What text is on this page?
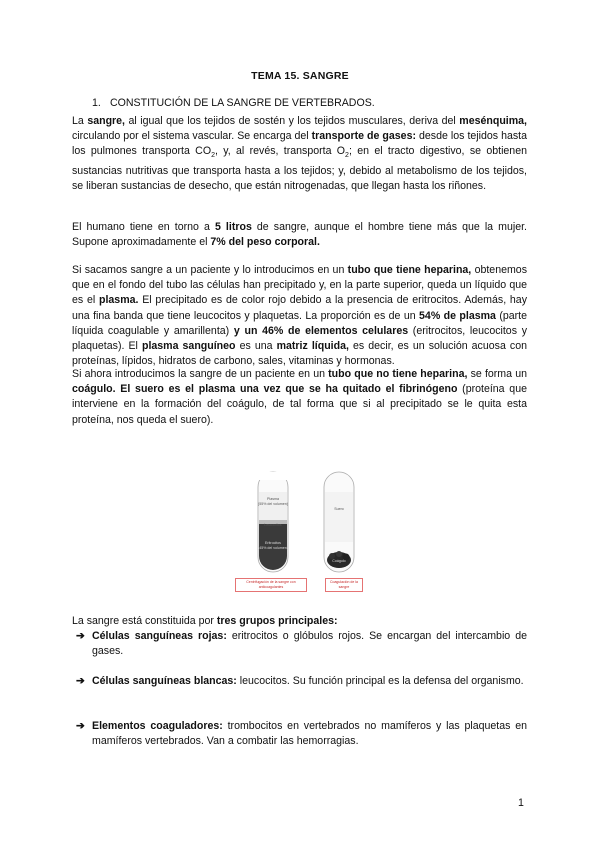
TEMA 15. SANGRE
1. CONSTITUCIÓN DE LA SANGRE DE VERTEBRADOS.
La sangre, al igual que los tejidos de sostén y los tejidos musculares, deriva del mesénquima, circulando por el sistema vascular. Se encarga del transporte de gases: desde los tejidos hasta los pulmones transporta $CO_2$, y, al revés, transporta $O_2$; en el tracto digestivo, se obtienen sustancias nutritivas que transporta hasta a los tejidos; y, debido al metabolismo de los tejidos, se liberan sustancias de desecho, que están nitrogenadas, que llegan hasta los riñones.
El humano tiene en torno a 5 litros de sangre, aunque el hombre tiene más que la mujer. Supone aproximadamente el 7% del peso corporal.
Si sacamos sangre a un paciente y lo introducimos en un tubo que tiene heparina, obtenemos que en el fondo del tubo las células han precipitado y, en la parte superior, queda un líquido que es el plasma. El precipitado es de color rojo debido a la presencia de eritrocitos. Además, hay una fina banda que tiene leucocitos y plaquetas. La proporción es de un 54% de plasma (parte líquida coagulable y amarillenta) y un 46% de elementos celulares (eritrocitos, leucocitos y plaquetas). El plasma sanguíneo es una matriz líquida, es decir, es un solución acuosa con proteínas, lípidos, hidratos de carbono, sales, vitaminas y hormonas.
Si ahora introducimos la sangre de un paciente en un tubo que no tiene heparina, se forma un coágulo. El suero es el plasma una vez que se ha quitado el fibrinógeno (proteína que interviene en la formación del coágulo, de tal forma que si al precipitado se le quita esta proteína, nos queda el suero).
Plasma
(55% del volumen)
Leucocitos
Eritrocitos
(45% del volumen)
Suero
Coágulo
Centrifugación de la sangre con anticoagulantes
Coagulación de la sangre
La sangre está constituida por tres grupos principales:
➔ Células sanguíneas rojas: eritrocitos o glóbulos rojos. Se encargan del intercambio de gases.
➔ Células sanguíneas blancas: leucocitos. Su función principal es la defensa del organismo.
➔ Elementos coaguladores: trombocitos en vertebrados no mamíferos y las plaquetas en mamíferos vertebrados. Van a combatir las hemorragias.
1
